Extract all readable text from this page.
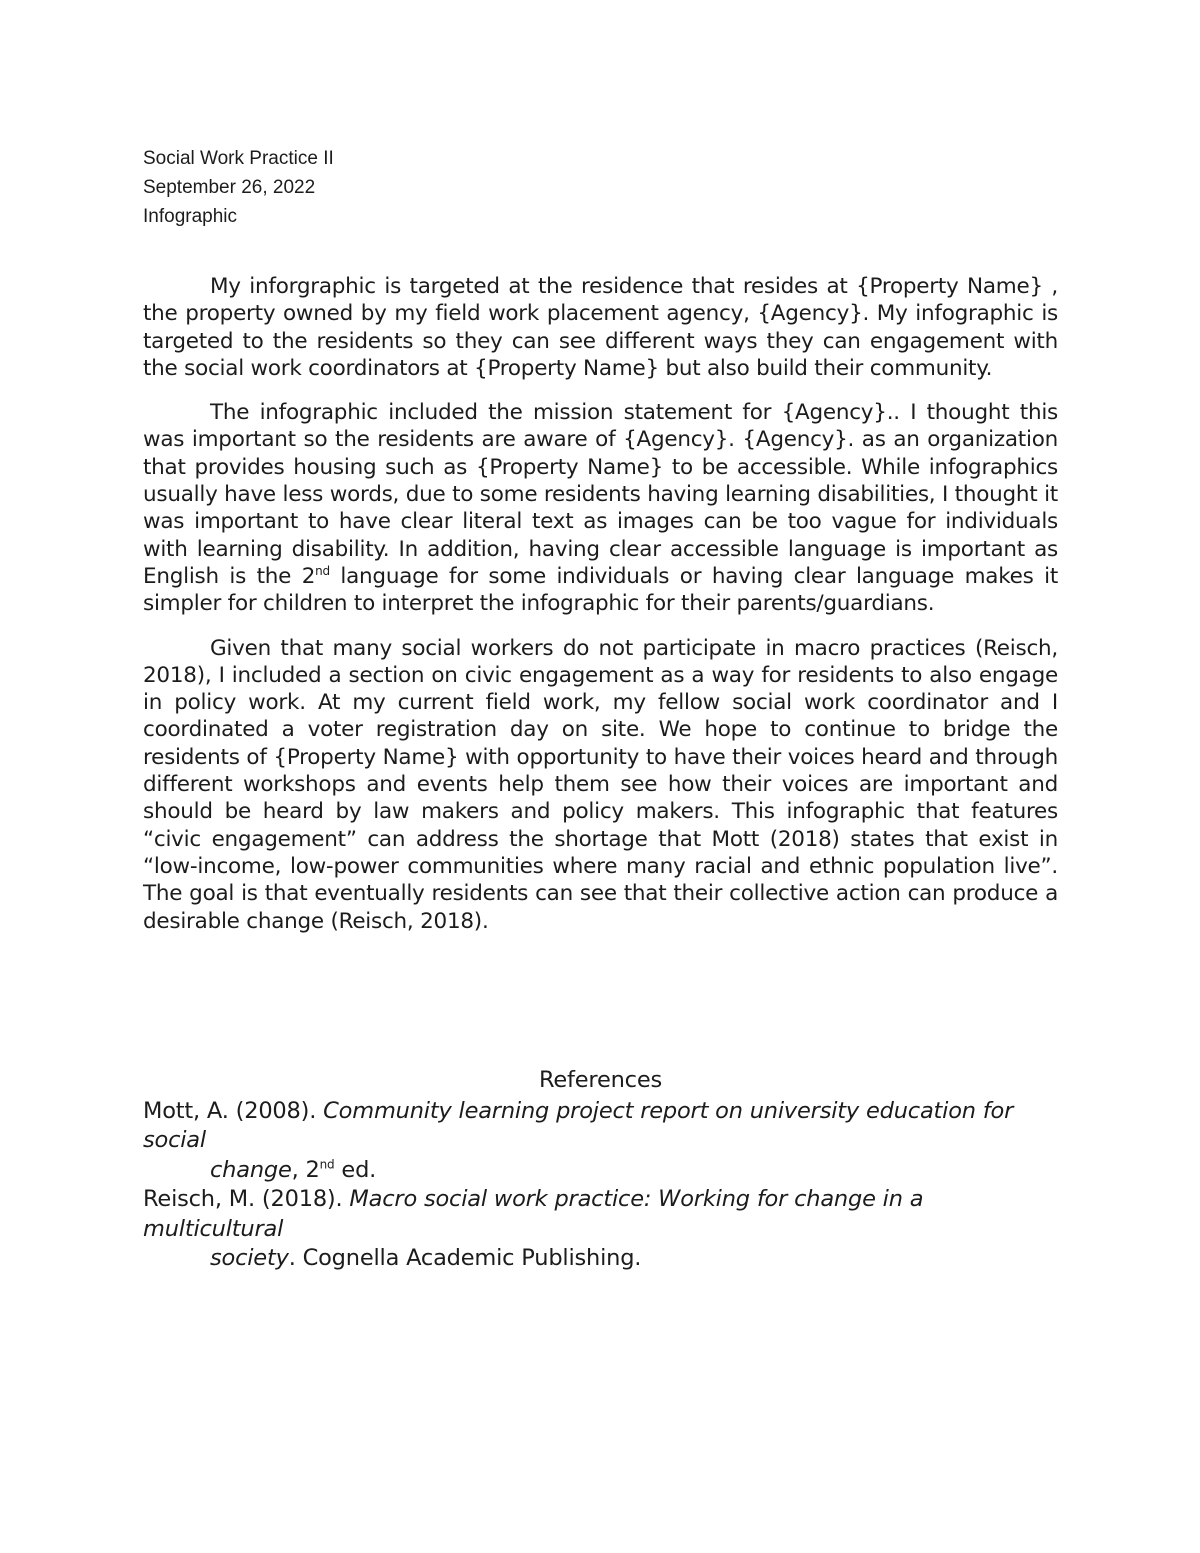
Social Work Practice II
September 26, 2022
Infographic

My inforgraphic is targeted at the residence that resides at {Property Name} , the property owned by my field work placement agency, {Agency}. My infographic is targeted to the residents so they can see different ways they can engagement with the social work coordinators at {Property Name} but also build their community.

The infographic included the mission statement for {Agency}.. I thought this was important so the residents are aware of {Agency}. {Agency}. as an organization that provides housing such as {Property Name} to be accessible. While infographics usually have less words, due to some residents having learning disabilities, I thought it was important to have clear literal text as images can be too vague for individuals with learning disability. In addition, having clear accessible language is important as English is the 2nd language for some individuals or having clear language makes it simpler for children to interpret the infographic for their parents/guardians.

Given that many social workers do not participate in macro practices (Reisch, 2018), I included a section on civic engagement as a way for residents to also engage in policy work. At my current field work, my fellow social work coordinator and I coordinated a voter registration day on site. We hope to continue to bridge the residents of {Property Name} with opportunity to have their voices heard and through different workshops and events help them see how their voices are important and should be heard by law makers and policy makers. This infographic that features “civic engagement” can address the shortage that Mott (2018) states that exist in “low-income, low-power communities where many racial and ethnic population live”. The goal is that eventually residents can see that their collective action can produce a desirable change (Reisch, 2018).

References
Mott, A. (2008). Community learning project report on university education for social
change, 2nd ed.
Reisch, M. (2018). Macro social work practice: Working for change in a multicultural
society. Cognella Academic Publishing.
